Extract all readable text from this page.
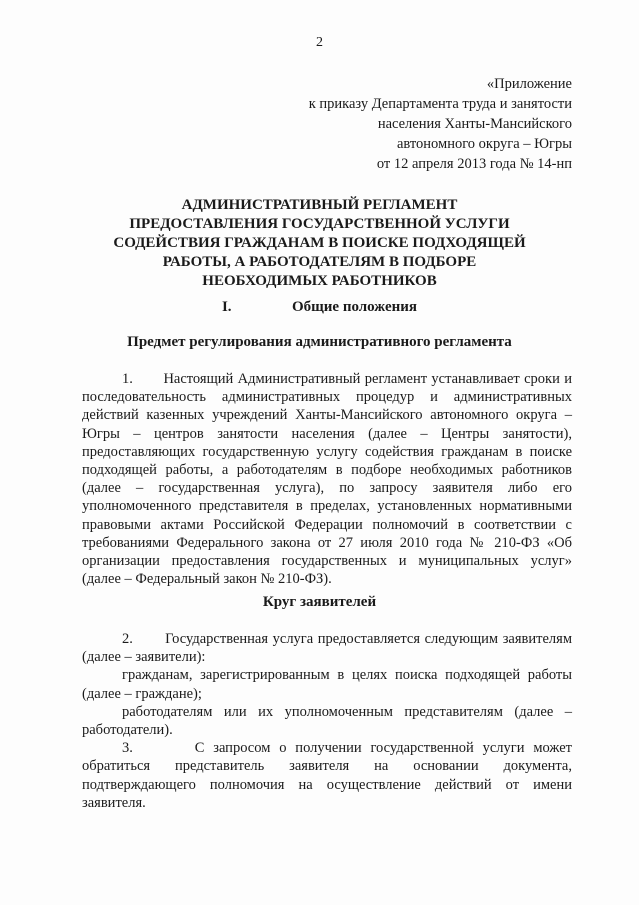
2
«Приложение
к приказу Департамента труда и занятости
населения Ханты-Мансийского
автономного округа – Югры
от 12 апреля 2013 года № 14-нп
АДМИНИСТРАТИВНЫЙ РЕГЛАМЕНТ
ПРЕДОСТАВЛЕНИЯ ГОСУДАРСТВЕННОЙ УСЛУГИ
СОДЕЙСТВИЯ ГРАЖДАНАМ В ПОИСКЕ ПОДХОДЯЩЕЙ
РАБОТЫ, А РАБОТОДАТЕЛЯМ В ПОДБОРЕ
НЕОБХОДИМЫХ РАБОТНИКОВ
I.	Общие положения
Предмет регулирования административного регламента
1.       Настоящий Административный регламент устанавливает сроки и последовательность административных процедур и административных действий казенных учреждений Ханты-Мансийского автономного округа – Югры – центров занятости населения (далее – Центры занятости), предоставляющих государственную услугу содействия гражданам в поиске подходящей работы, а работодателям в подборе необходимых работников (далее – государственная услуга), по запросу заявителя либо его уполномоченного представителя в пределах, установленных нормативными правовыми актами Российской Федерации полномочий в соответствии с требованиями Федерального закона от 27 июля 2010 года № 210-ФЗ «Об организации предоставления государственных и муниципальных услуг» (далее – Федеральный закон № 210-ФЗ).
Круг заявителей

2.       Государственная услуга предоставляется следующим заявителям (далее – заявители):

гражданам, зарегистрированным в целях поиска подходящей работы (далее – граждане);

работодателям или их уполномоченным представителям (далее – работодатели).

3.       С запросом о получении государственной услуги может обратиться представитель заявителя на основании документа, подтверждающего полномочия на осуществление действий от имени заявителя.
